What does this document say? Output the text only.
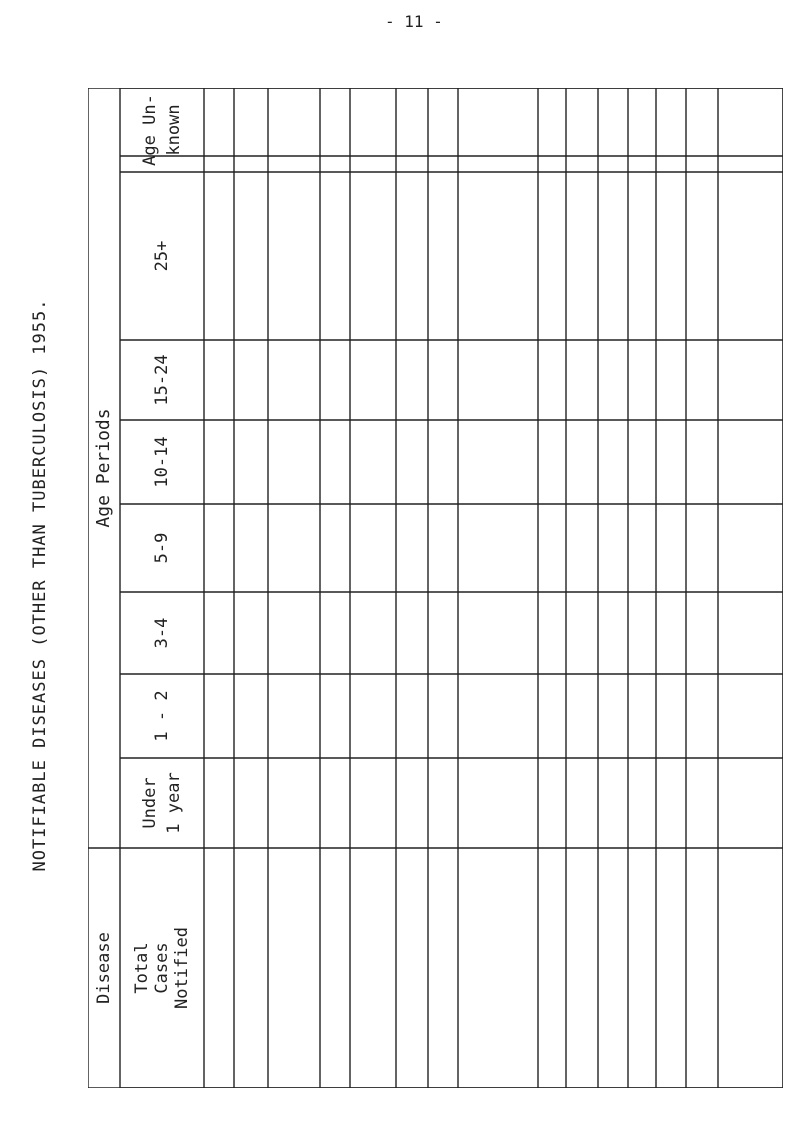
- 11 -
NOTIFIABLE DISEASES (OTHER THAN TUBERCULOSIS) 1955.
Disease
Age Periods
Under 1 year
1 - 2
3-4
5-9
10-14
15-24
25+
Age Un- known
Total Cases Notified
